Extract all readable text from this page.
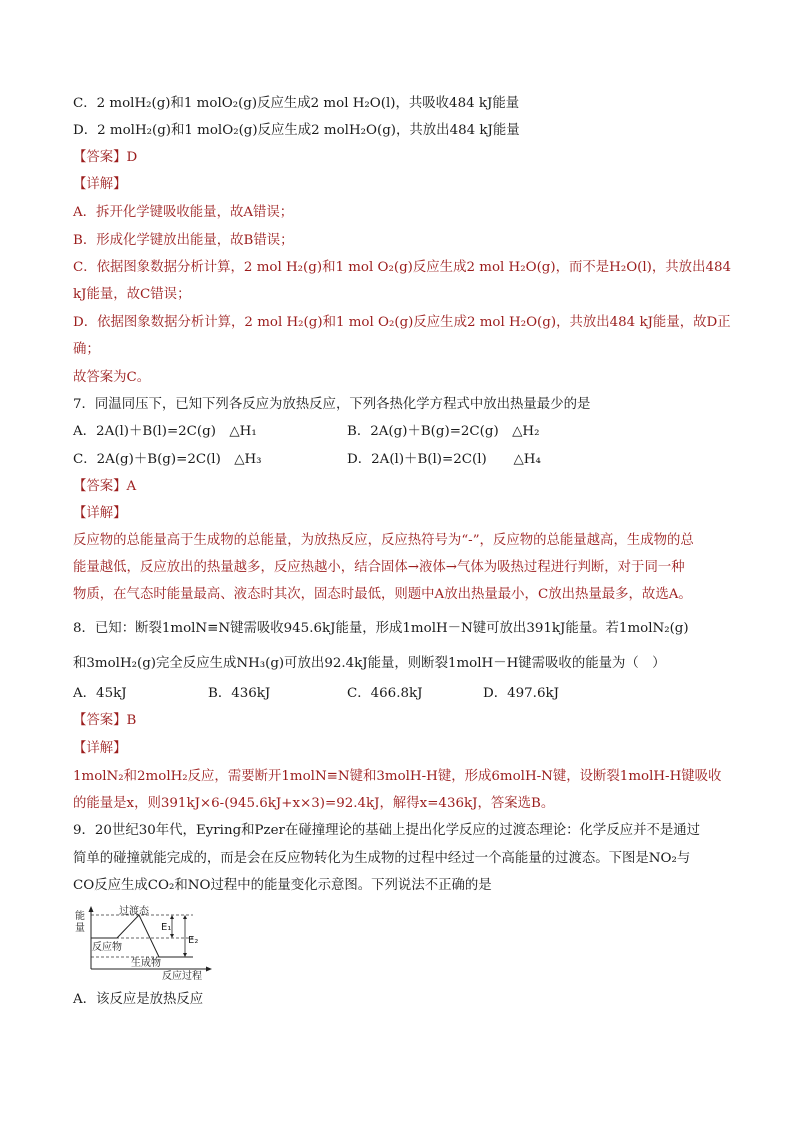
C．2 molH₂(g)和1 molO₂(g)反应生成2 mol H₂O(l)，共吸收484 kJ能量
D．2 molH₂(g)和1 molO₂(g)反应生成2 molH₂O(g)，共放出484 kJ能量
【答案】D
【详解】
A．拆开化学键吸收能量，故A错误；
B．形成化学键放出能量，故B错误；
C．依据图象数据分析计算，2 mol H₂(g)和1 mol O₂(g)反应生成2 mol H₂O(g)，而不是H₂O(l)，共放出484
kJ能量，故C错误；
D．依据图象数据分析计算，2 mol H₂(g)和1 mol O₂(g)反应生成2 mol H₂O(g)，共放出484 kJ能量，故D正
确；
故答案为C。
7．同温同压下，已知下列各反应为放热反应，下列各热化学方程式中放出热量最少的是
A．2A(l)＋B(l)=2C(g)　△H₁	B．2A(g)＋B(g)=2C(g)　△H₂
C．2A(g)＋B(g)=2C(l)　△H₃	D．2A(l)＋B(l)=2C(l)　　△H₄
【答案】A
【详解】
反应物的总能量高于生成物的总能量，为放热反应，反应热符号为“-”，反应物的总能量越高，生成物的总
能量越低，反应放出的热量越多，反应热越小，结合固体→液体→气体为吸热过程进行判断，对于同一种
物质，在气态时能量最高、液态时其次，固态时最低，则题中A放出热量最小，C放出热量最多，故选A。
8．已知：断裂1molN≡N键需吸收945.6kJ能量，形成1molH－N键可放出391kJ能量。若1molN₂(g)
和3molH₂(g)完全反应生成NH₃(g)可放出92.4kJ能量，则断裂1molH－H键需吸收的能量为（　）
A．45kJ	B．436kJ	C．466.8kJ	D．497.6kJ
【答案】B
【详解】
1molN₂和2molH₂反应，需要断开1molN≡N键和3molH-H键，形成6molH-N键，设断裂1molH-H键吸收
的能量是x，则391kJ×6-(945.6kJ+x×3)=92.4kJ，解得x=436kJ，答案选B。
9．20世纪30年代，Eyring和Pzer在碰撞理论的基础上提出化学反应的过渡态理论：化学反应并不是通过
简单的碰撞就能完成的，而是会在反应物转化为生成物的过程中经过一个高能量的过渡态。下图是NO₂与
CO反应生成CO₂和NO过程中的能量变化示意图。下列说法不正确的是
能
量
过渡态
反应物
生成物
反应过程
E₁
E₂
A．该反应是放热反应
